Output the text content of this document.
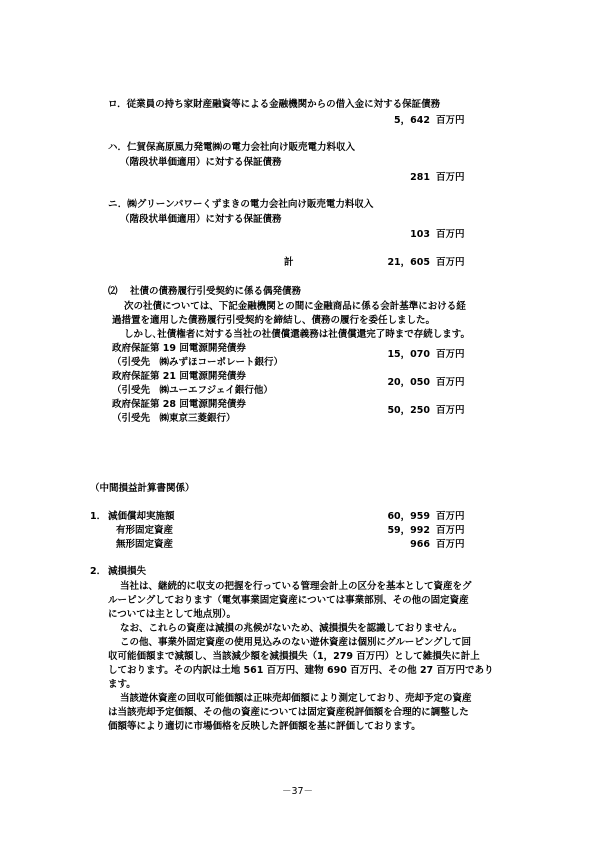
ロ．従業員の持ち家財産融資等による金融機関からの借入金に対する保証債務
5，642 百万円
ハ．仁賀保高原風力発電㈱の電力会社向け販売電力料収入
（階段状単価適用）に対する保証債務
281 百万円
ニ．㈱グリーンパワーくずまきの電力会社向け販売電力料収入
（階段状単価適用）に対する保証債務
103 百万円
計	21，605 百万円
⑵ 社債の債務履行引受契約に係る偶発債務
次の社債については、下記金融機関との間に金融商品に係る会計基準における経
過措置を適用した債務履行引受契約を締結し、債務の履行を委任しました。
しかし､社債権者に対する当社の社債償還義務は社債償還完了時まで存続します。
政府保証第 19 回電源開発債券
（引受先　㈱みずほコーポレート銀行）
15，070 百万円
政府保証第 21 回電源開発債券
（引受先　㈱ユーエフジェイ銀行他）
20，050 百万円
政府保証第 28 回電源開発債券
（引受先　㈱東京三菱銀行）
50，250 百万円
（中間損益計算書関係）
1． 減価償却実施額	60，959 百万円
有形固定資産	59，992 百万円
無形固定資産	966 百万円
2． 減損損失
当社は、継続的に収支の把握を行っている管理会計上の区分を基本として資産をグ
ルーピングしております（電気事業固定資産については事業部別、その他の固定資産
については主として地点別）。
なお、これらの資産は減損の兆候がないため、減損損失を認識しておりません。
この他、事業外固定資産の使用見込みのない遊休資産は個別にグルーピングして回
収可能価額まで減額し、当該減少額を減損損失（1，279 百万円）として雑損失に計上
しております。その内訳は土地 561 百万円、建物 690 百万円、その他 27 百万円であり
ます。
当該遊休資産の回収可能価額は正味売却価額により測定しており、売却予定の資産
は当該売却予定価額、その他の資産については固定資産税評価額を合理的に調整した
価額等により適切に市場価格を反映した評価額を基に評価しております。
－37－
